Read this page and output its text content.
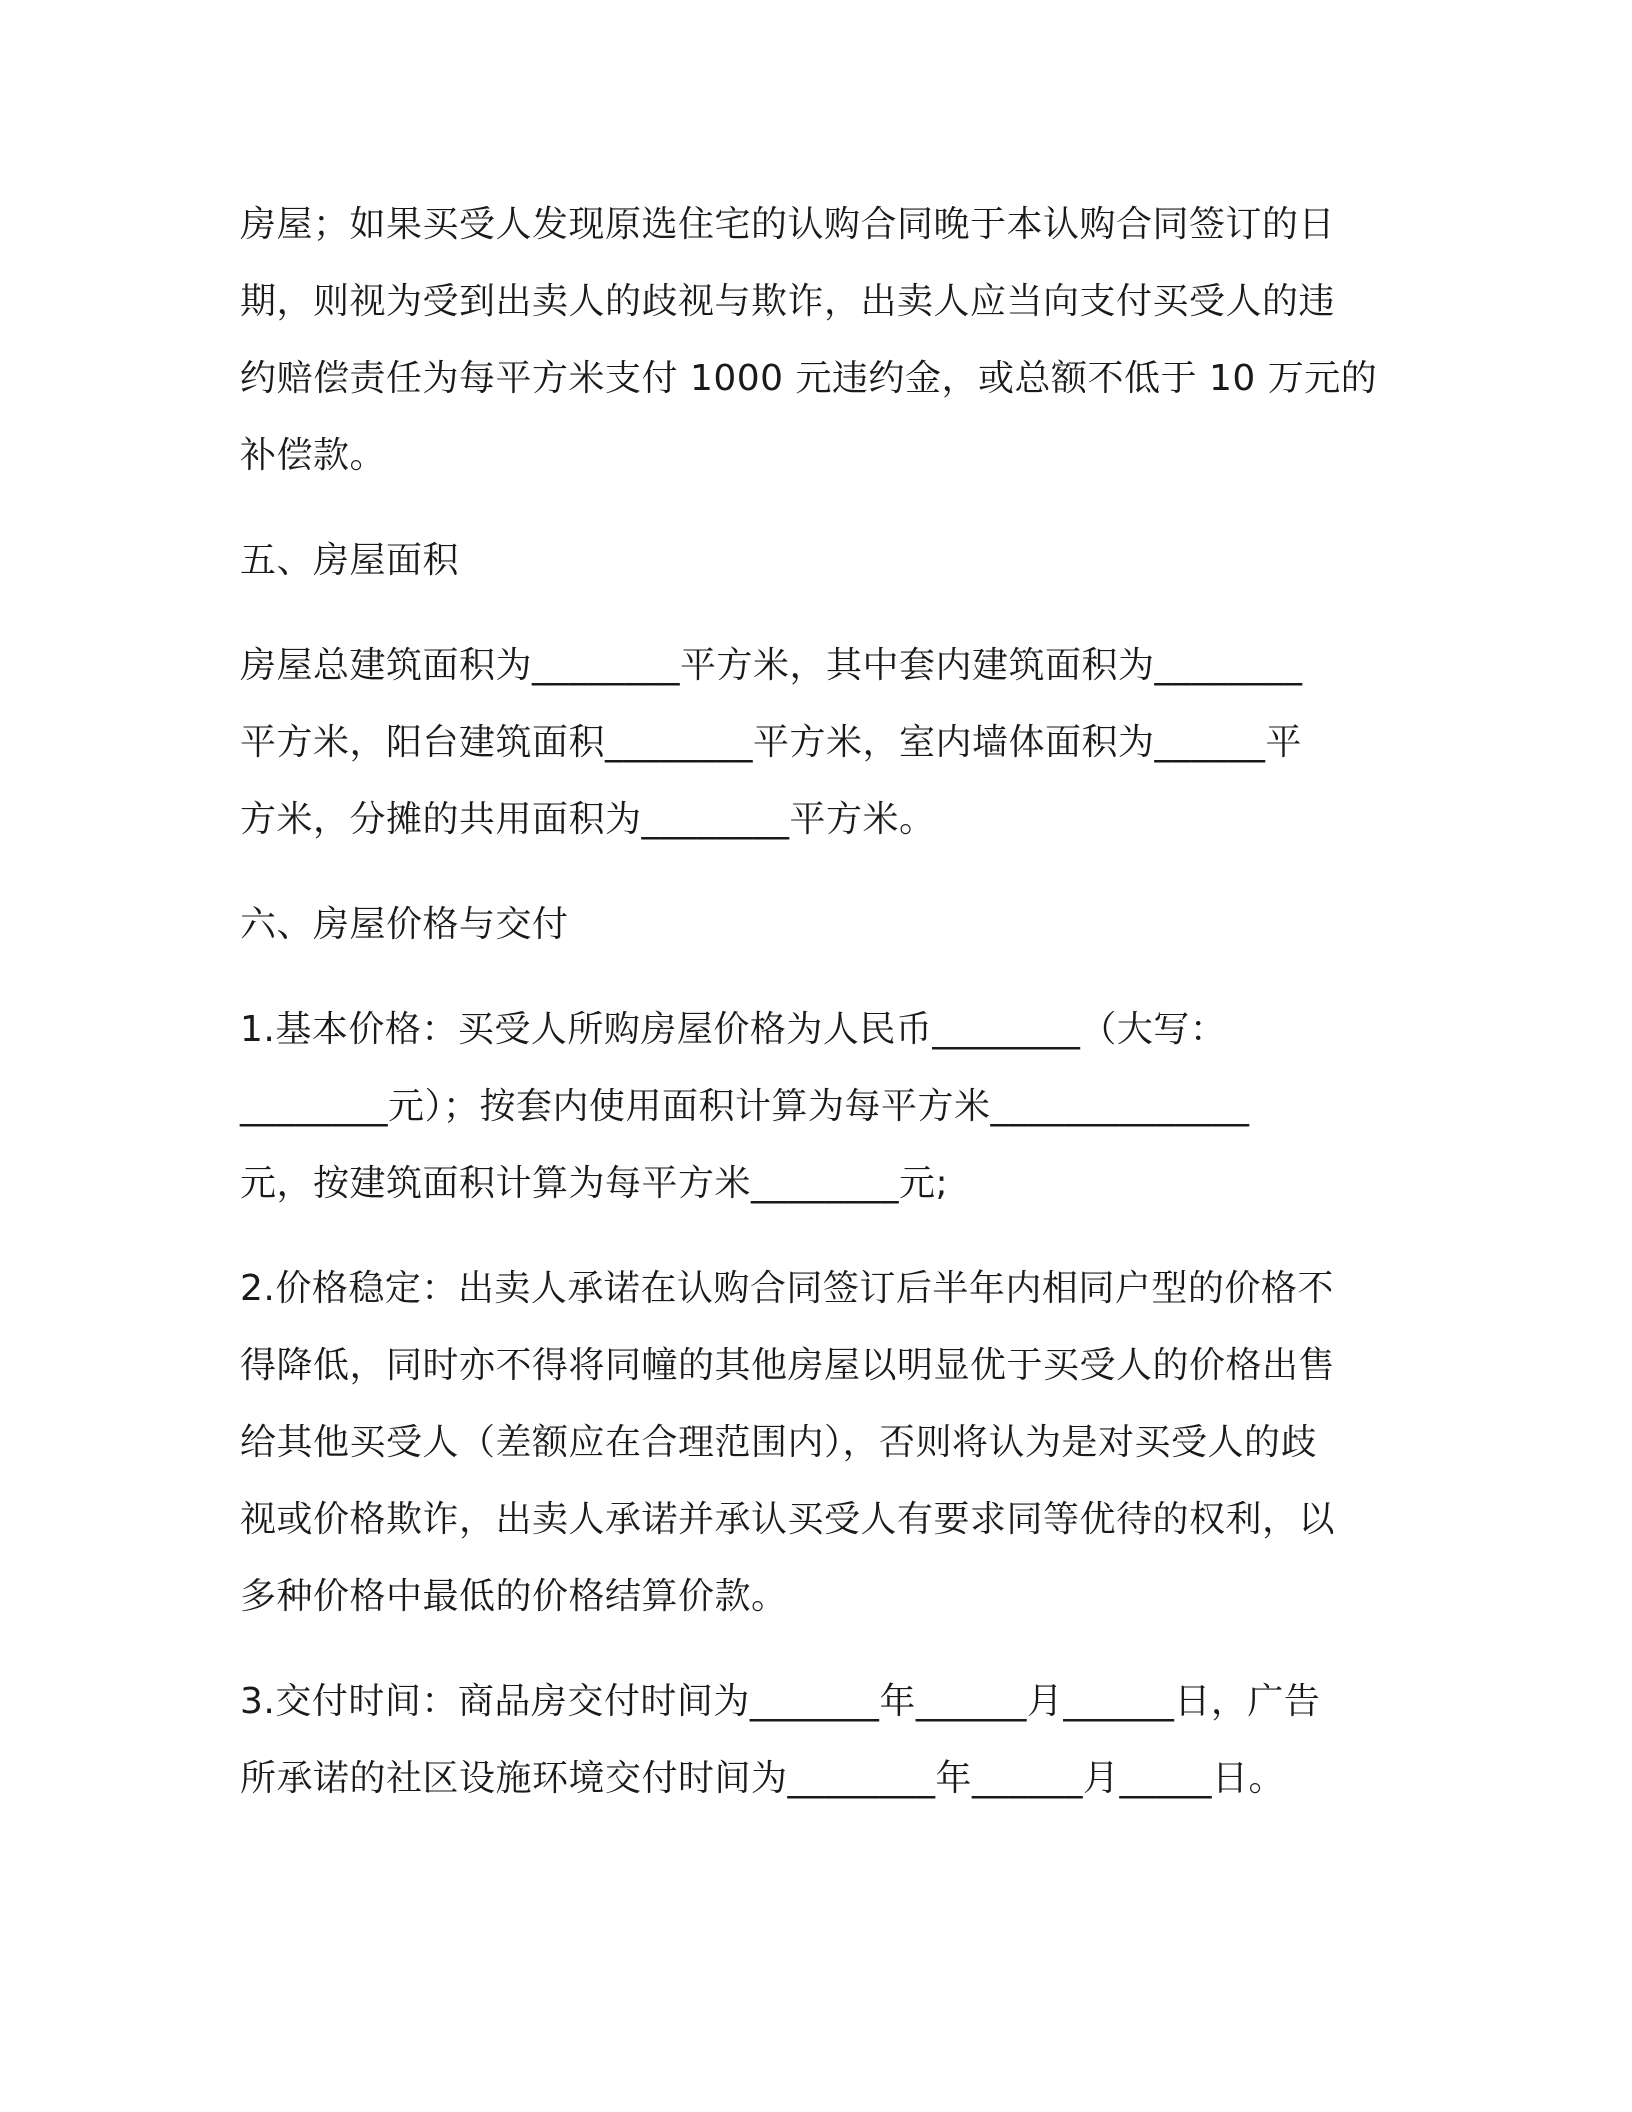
房屋；如果买受人发现原选住宅的认购合同晚于本认购合同签订的日
期，则视为受到出卖人的歧视与欺诈，出卖人应当向支付买受人的违
约赔偿责任为每平方米支付 1000 元违约金，或总额不低于 10 万元的
补偿款。
五、房屋面积
房屋总建筑面积为________平方米，其中套内建筑面积为________
平方米，阳台建筑面积________平方米，室内墙体面积为______平
方米，分摊的共用面积为________平方米。
六、房屋价格与交付
1.基本价格：买受人所购房屋价格为人民币________（大写：
________元）；按套内使用面积计算为每平方米______________
元，按建筑面积计算为每平方米________元;
2.价格稳定：出卖人承诺在认购合同签订后半年内相同户型的价格不
得降低，同时亦不得将同幢的其他房屋以明显优于买受人的价格出售
给其他买受人（差额应在合理范围内），否则将认为是对买受人的歧
视或价格欺诈，出卖人承诺并承认买受人有要求同等优待的权利，以
多种价格中最低的价格结算价款。
3.交付时间：商品房交付时间为_______年______月______日，广告
所承诺的社区设施环境交付时间为________年______月_____日。
